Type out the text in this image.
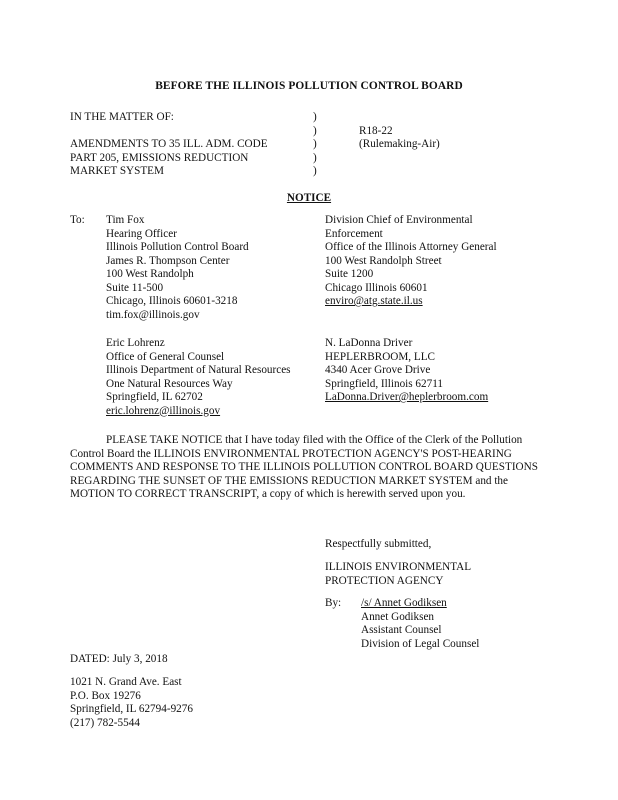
BEFORE THE ILLINOIS POLLUTION CONTROL BOARD
IN THE MATTER OF:
AMENDMENTS TO 35 ILL. ADM. CODE
PART 205, EMISSIONS REDUCTION
MARKET SYSTEM
)
)
)
)
)
R18-22
(Rulemaking-Air)
NOTICE
To: Tim Fox
Hearing Officer
Illinois Pollution Control Board
James R. Thompson Center
100 West Randolph
Suite 11-500
Chicago, Illinois 60601-3218
tim.fox@illinois.gov
Division Chief of Environmental
Enforcement
Office of the Illinois Attorney General
100 West Randolph Street
Suite 1200
Chicago Illinois 60601
enviro@atg.state.il.us
Eric Lohrenz
Office of General Counsel
Illinois Department of Natural Resources
One Natural Resources Way
Springfield, IL 62702
eric.lohrenz@illinois.gov
N. LaDonna Driver
HEPLERBROOM, LLC
4340 Acer Grove Drive
Springfield, Illinois 62711
LaDonna.Driver@heplerbroom.com
PLEASE TAKE NOTICE that I have today filed with the Office of the Clerk of the Pollution Control Board the ILLINOIS ENVIRONMENTAL PROTECTION AGENCY'S POST-HEARING COMMENTS AND RESPONSE TO THE ILLINOIS POLLUTION CONTROL BOARD QUESTIONS REGARDING THE SUNSET OF THE EMISSIONS REDUCTION MARKET SYSTEM and the MOTION TO CORRECT TRANSCRIPT, a copy of which is herewith served upon you.
Respectfully submitted,
ILLINOIS ENVIRONMENTAL
PROTECTION AGENCY
By: /s/ Annet Godiksen
Annet Godiksen
Assistant Counsel
Division of Legal Counsel
DATED: July 3, 2018
1021 N. Grand Ave. East
P.O. Box 19276
Springfield, IL 62794-9276
(217) 782-5544
